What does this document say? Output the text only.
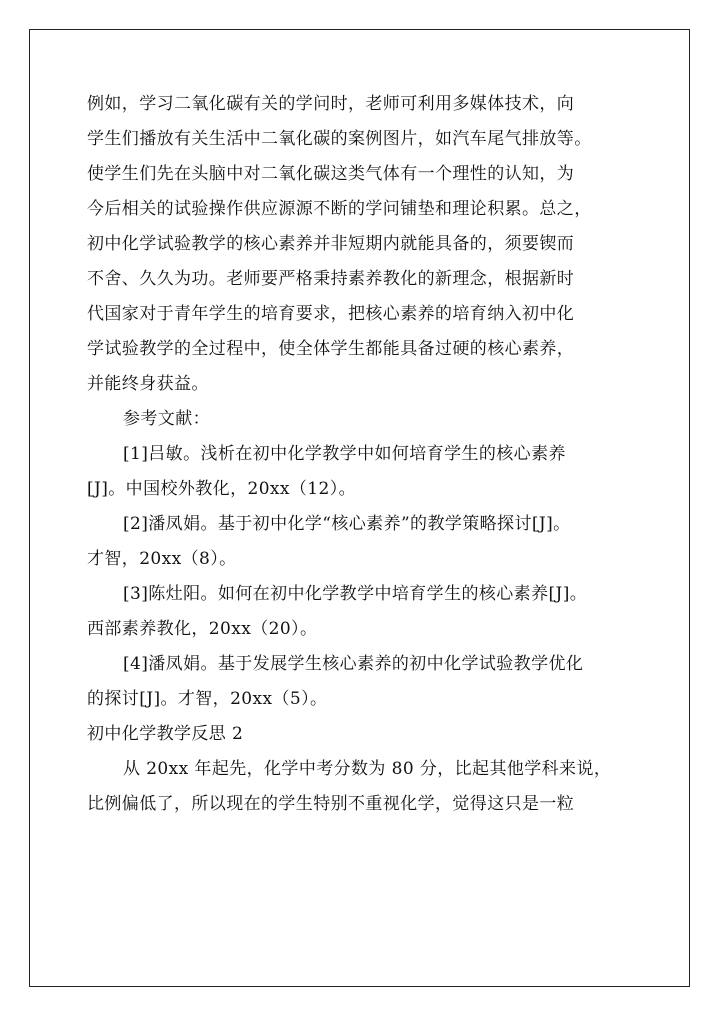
例如，学习二氧化碳有关的学问时，老师可利用多媒体技术，向
学生们播放有关生活中二氧化碳的案例图片，如汽车尾气排放等。
使学生们先在头脑中对二氧化碳这类气体有一个理性的认知，为
今后相关的试验操作供应源源不断的学问铺垫和理论积累。总之，
初中化学试验教学的核心素养并非短期内就能具备的，须要锲而
不舍、久久为功。老师要严格秉持素养教化的新理念，根据新时
代国家对于青年学生的培育要求，把核心素养的培育纳入初中化
学试验教学的全过程中，使全体学生都能具备过硬的核心素养，
并能终身获益。

参考文献：

[1]吕敏。浅析在初中化学教学中如何培育学生的核心素养
[J]。中国校外教化，20xx（12）。

[2]潘凤娟。基于初中化学“核心素养”的教学策略探讨[J]。
才智，20xx（8）。

[3]陈灶阳。如何在初中化学教学中培育学生的核心素养[J]。
西部素养教化，20xx（20）。

[4]潘凤娟。基于发展学生核心素养的初中化学试验教学优化
的探讨[J]。才智，20xx（5）。

初中化学教学反思 2

从 20xx 年起先，化学中考分数为 80 分，比起其他学科来说，
比例偏低了，所以现在的学生特别不重视化学，觉得这只是一粒
